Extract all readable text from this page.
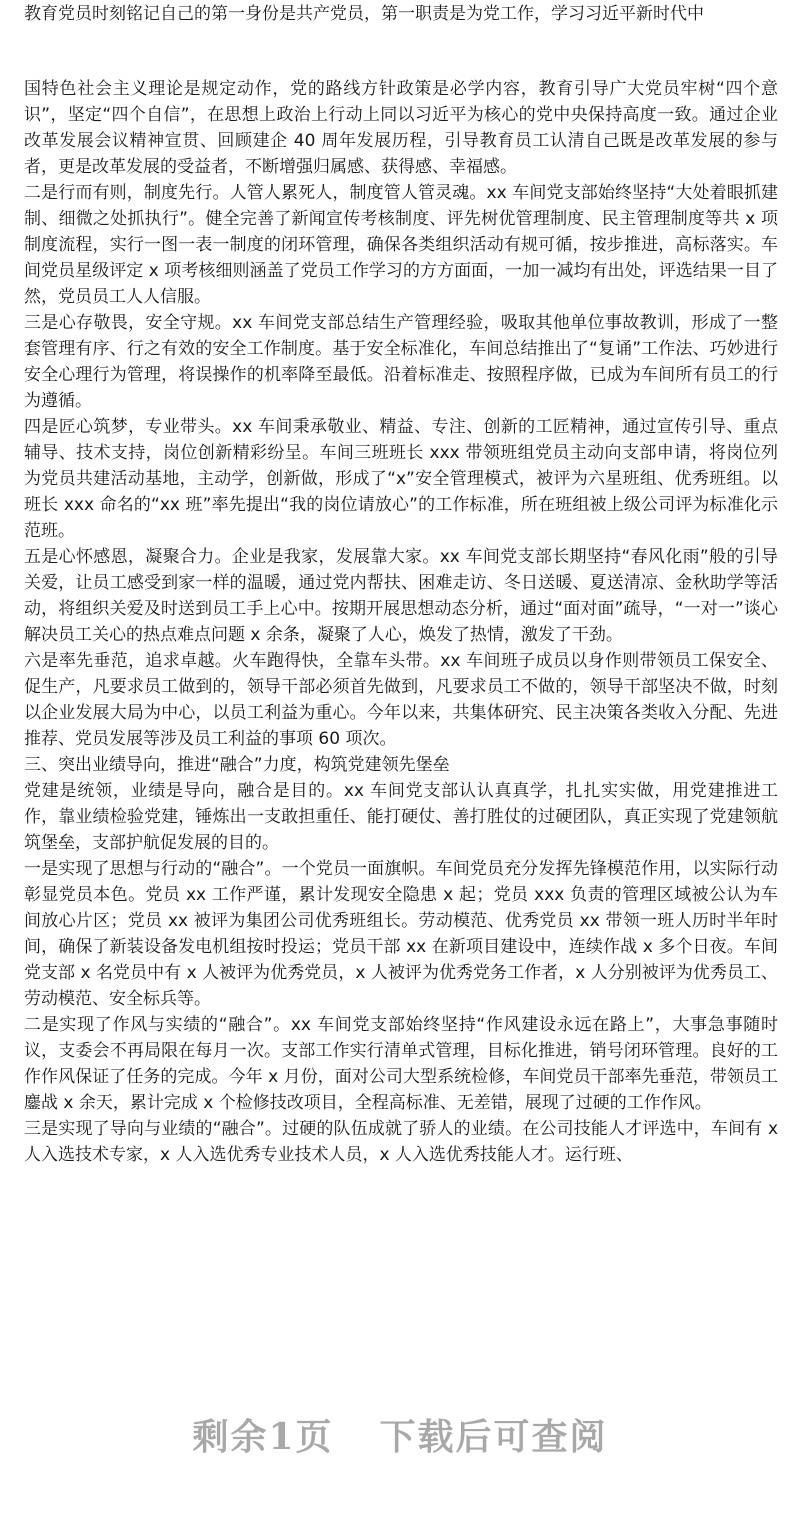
教育党员时刻铭记自己的第一身份是共产党员，第一职责是为党工作，学习习近平新时代中

国特色社会主义理论是规定动作，党的路线方针政策是必学内容，教育引导广大党员牢树“四个意识”，坚定“四个自信”，在思想上政治上行动上同以习近平为核心的党中央保持高度一致。通过企业改革发展会议精神宣贯、回顾建企 40 周年发展历程，引导教育员工认清自己既是改革发展的参与者，更是改革发展的受益者，不断增强归属感、获得感、幸福感。

二是行而有则，制度先行。人管人累死人，制度管人管灵魂。xx 车间党支部始终坚持“大处着眼抓建制、细微之处抓执行”。健全完善了新闻宣传考核制度、评先树优管理制度、民主管理制度等共 x 项制度流程，实行一图一表一制度的闭环管理，确保各类组织活动有规可循，按步推进，高标落实。车间党员星级评定 x 项考核细则涵盖了党员工作学习的方方面面，一加一减均有出处，评选结果一目了然，党员员工人人信服。

三是心存敬畏，安全守规。xx 车间党支部总结生产管理经验，吸取其他单位事故教训，形成了一整套管理有序、行之有效的安全工作制度。基于安全标准化，车间总结推出了“复诵”工作法、巧妙进行安全心理行为管理，将误操作的机率降至最低。沿着标准走、按照程序做，已成为车间所有员工的行为遵循。

四是匠心筑梦，专业带头。xx 车间秉承敬业、精益、专注、创新的工匠精神，通过宣传引导、重点辅导、技术支持，岗位创新精彩纷呈。车间三班班长 xxx 带领班组党员主动向支部申请，将岗位列为党员共建活动基地，主动学，创新做，形成了“x”安全管理模式，被评为六星班组、优秀班组。以班长 xxx 命名的“xx 班”率先提出“我的岗位请放心”的工作标准，所在班组被上级公司评为标准化示范班。

五是心怀感恩，凝聚合力。企业是我家，发展靠大家。xx 车间党支部长期坚持“春风化雨”般的引导关爱，让员工感受到家一样的温暖，通过党内帮扶、困难走访、冬日送暖、夏送清凉、金秋助学等活动，将组织关爱及时送到员工手上心中。按期开展思想动态分析，通过“面对面”疏导，“一对一”谈心解决员工关心的热点难点问题 x 余条，凝聚了人心，焕发了热情，激发了干劲。

六是率先垂范，追求卓越。火车跑得快，全靠车头带。xx 车间班子成员以身作则带领员工保安全、促生产，凡要求员工做到的，领导干部必须首先做到，凡要求员工不做的，领导干部坚决不做，时刻以企业发展大局为中心，以员工利益为重心。今年以来，共集体研究、民主决策各类收入分配、先进推荐、党员发展等涉及员工利益的事项 60 项次。

三、突出业绩导向，推进“融合”力度，构筑党建领先堡垒

党建是统领，业绩是导向，融合是目的。xx 车间党支部认认真真学，扎扎实实做，用党建推进工作，靠业绩检验党建，锤炼出一支敢担重任、能打硬仗、善打胜仗的过硬团队，真正实现了党建领航筑堡垒，支部护航促发展的目的。

一是实现了思想与行动的“融合”。一个党员一面旗帜。车间党员充分发挥先锋模范作用，以实际行动彰显党员本色。党员 xx 工作严谨，累计发现安全隐患 x 起；党员 xxx 负责的管理区域被公认为车间放心片区；党员 xx 被评为集团公司优秀班组长。劳动模范、优秀党员 xx 带领一班人历时半年时间，确保了新装设备发电机组按时投运；党员干部 xx 在新项目建设中，连续作战 x 多个日夜。车间党支部 x 名党员中有 x 人被评为优秀党员，x 人被评为优秀党务工作者，x 人分别被评为优秀员工、劳动模范、安全标兵等。

二是实现了作风与实绩的“融合”。xx 车间党支部始终坚持“作风建设永远在路上”，大事急事随时议，支委会不再局限在每月一次。支部工作实行清单式管理，目标化推进，销号闭环管理。良好的工作作风保证了任务的完成。今年 x 月份，面对公司大型系统检修，车间党员干部率先垂范，带领员工鏖战 x 余天，累计完成 x 个检修技改项目，全程高标准、无差错，展现了过硬的工作作风。

三是实现了导向与业绩的“融合”。过硬的队伍成就了骄人的业绩。在公司技能人才评选中，车间有 x 人入选技术专家，x 人入选优秀专业技术人员，x 人入选优秀技能人才。运行班、

剩余1页 下载后可查阅
